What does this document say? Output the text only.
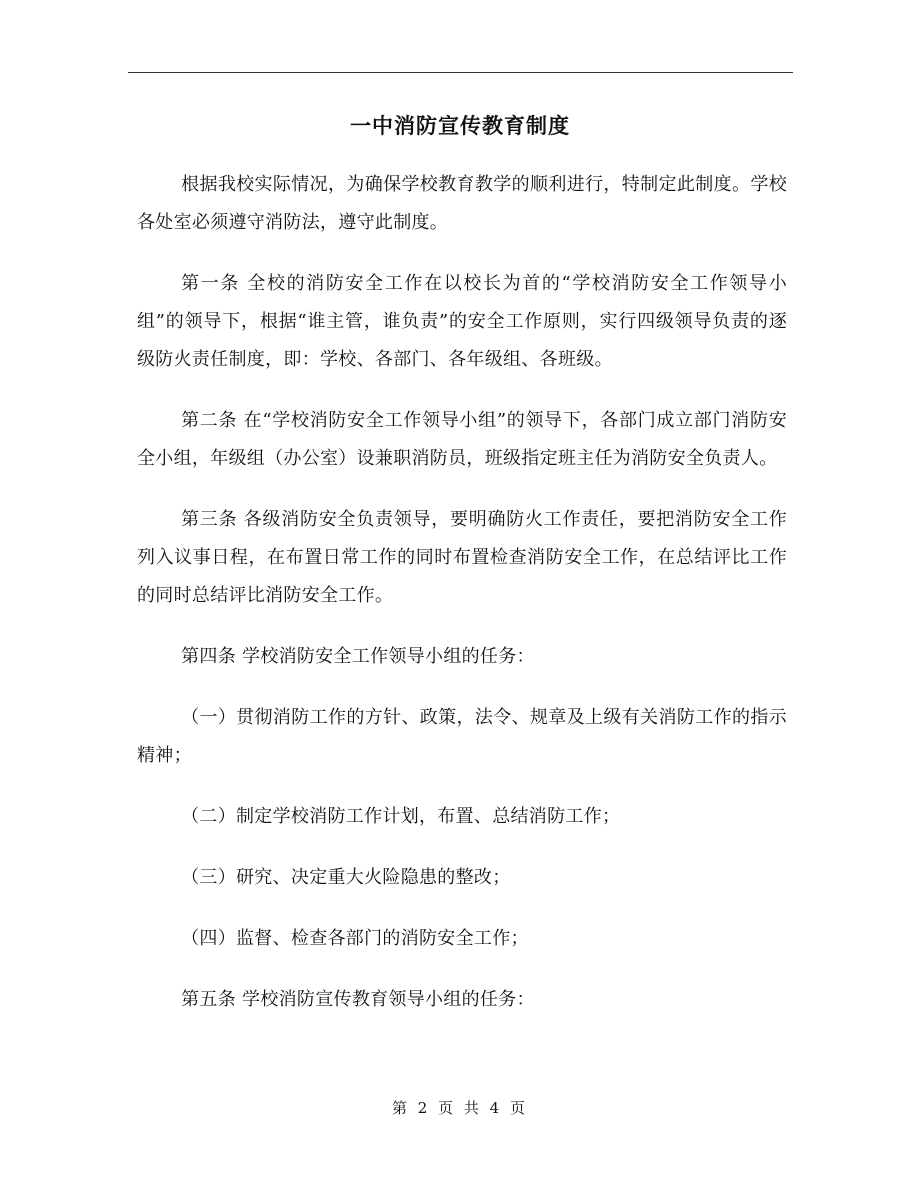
一中消防宣传教育制度

根据我校实际情况，为确保学校教育教学的顺利进行，特制定此制度。学校各处室必须遵守消防法，遵守此制度。

第一条 全校的消防安全工作在以校长为首的“学校消防安全工作领导小组”的领导下，根据“谁主管，谁负责”的安全工作原则，实行四级领导负责的逐级防火责任制度，即：学校、各部门、各年级组、各班级。

第二条 在“学校消防安全工作领导小组”的领导下，各部门成立部门消防安全小组，年级组（办公室）设兼职消防员，班级指定班主任为消防安全负责人。

第三条 各级消防安全负责领导，要明确防火工作责任，要把消防安全工作列入议事日程，在布置日常工作的同时布置检查消防安全工作，在总结评比工作的同时总结评比消防安全工作。

第四条 学校消防安全工作领导小组的任务：

（一）贯彻消防工作的方针、政策，法令、规章及上级有关消防工作的指示精神；

（二）制定学校消防工作计划，布置、总结消防工作；

（三）研究、决定重大火险隐患的整改；

（四）监督、检查各部门的消防安全工作；

第五条 学校消防宣传教育领导小组的任务：

第 2 页 共 4 页
